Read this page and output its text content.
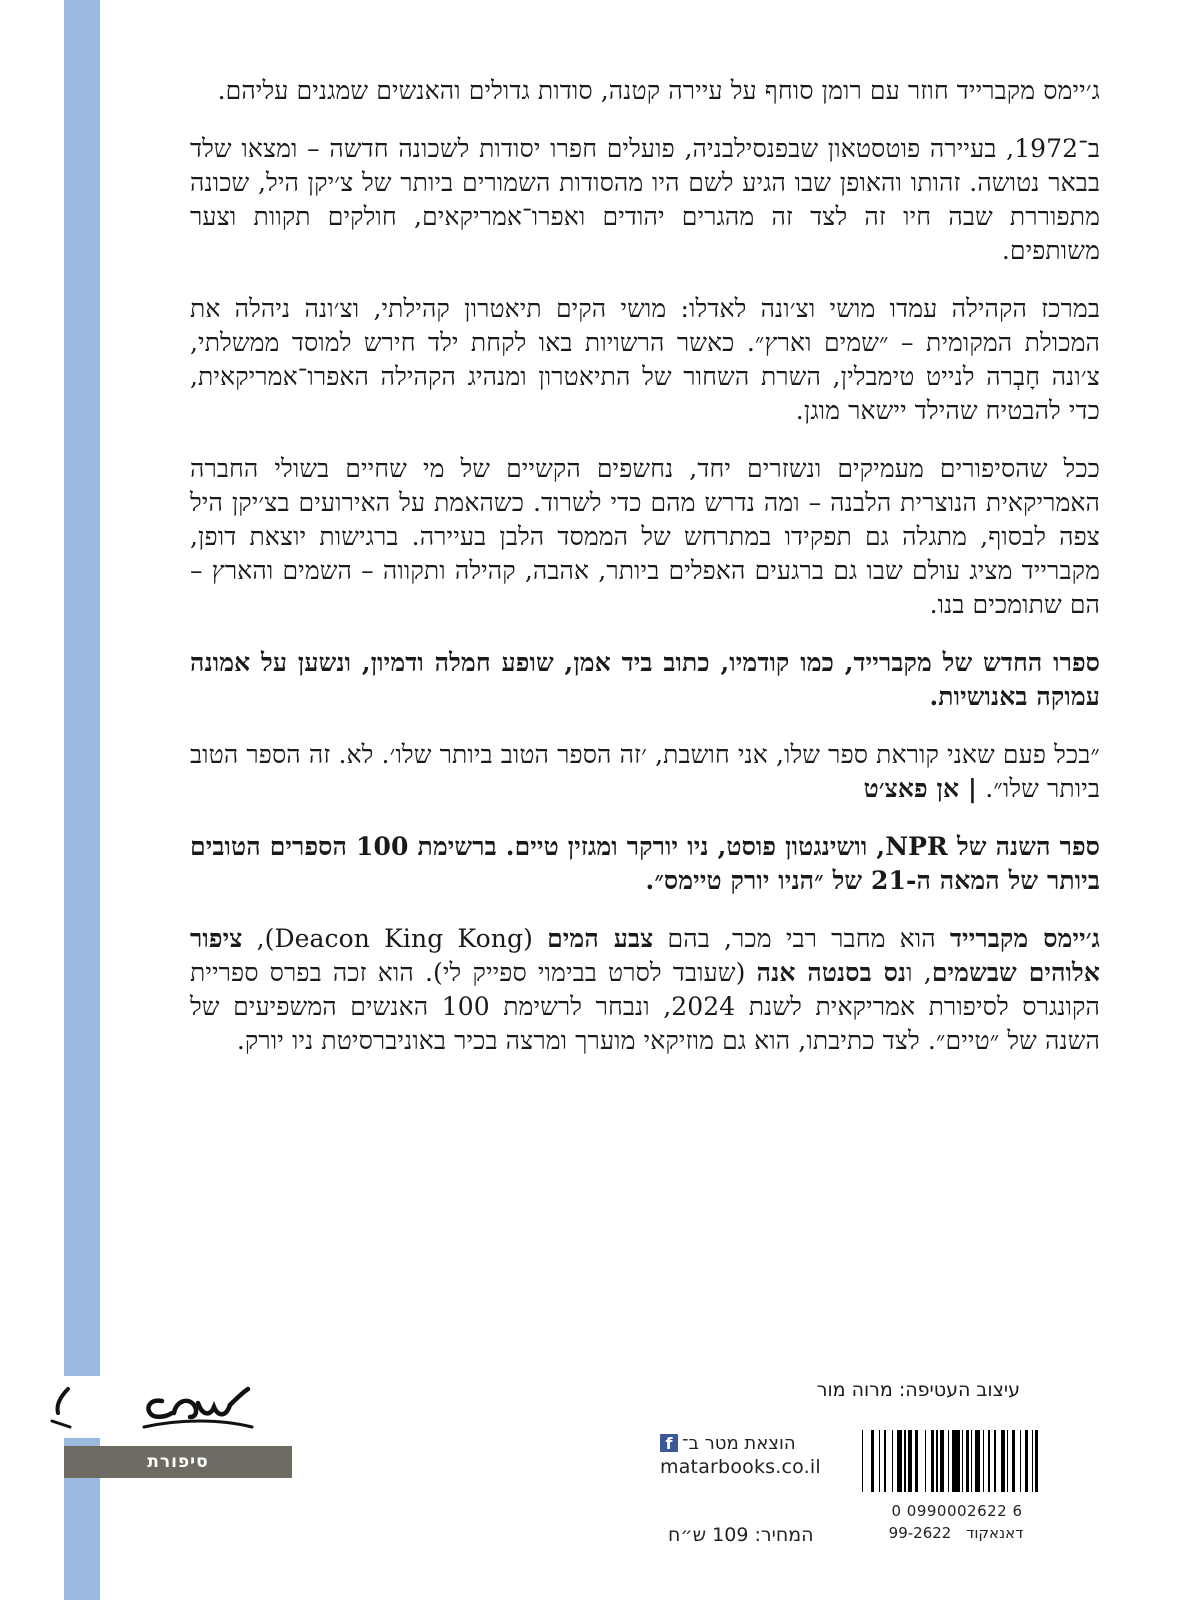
ג׳יימס מקברייד חוזר עם רומן סוחף על עיירה קטנה, סודות גדולים והאנשים שמגנים עליהם.

ב־1972, בעיירה פוטסטאון שבפנסילבניה, פועלים חפרו יסודות לשכונה חדשה – ומצאו שלד בבאר נטושה. זהותו והאופן שבו הגיע לשם היו מהסודות השמורים ביותר של צ׳יקן היל, שכונה מתפוררת שבה חיו זה לצד זה מהגרים יהודים ואפרו־אמריקאים, חולקים תקוות וצער משותפים.

במרכז הקהילה עמדו מושי וצ׳ונה לאדלו: מושי הקים תיאטרון קהילתי, וצ׳ונה ניהלה את המכולת המקומית – ״שמים וארץ״. כאשר הרשויות באו לקחת ילד חירש למוסד ממשלתי, צ׳ונה חָבְרה לנייט טימבלין, השרת השחור של התיאטרון ומנהיג הקהילה האפרו־אמריקאית, כדי להבטיח שהילד יישאר מוגן.

ככל שהסיפורים מעמיקים ונשזרים יחד, נחשפים הקשיים של מי שחיים בשולי החברה האמריקאית הנוצרית הלבנה – ומה נדרש מהם כדי לשרוד. כשהאמת על האירועים בצ׳יקן היל צפה לבסוף, מתגלה גם תפקידו במתרחש של הממסד הלבן בעיירה. ברגישות יוצאת דופן, מקברייד מציג עולם שבו גם ברגעים האפלים ביותר, אהבה, קהילה ותקווה – השמים והארץ – הם שתומכים בנו.

ספרו החדש של מקברייד, כמו קודמיו, כתוב ביד אמן, שופע חמלה ודמיון, ונשען על אמונה עמוקה באנושיות.

״בכל פעם שאני קוראת ספר שלו, אני חושבת, ׳זה הספר הטוב ביותר שלו׳. לא. זה הספר הטוב ביותר שלו״. | אן פאצ׳ט

ספר השנה של NPR, וושינגטון פוסט, ניו יורקר ומגזין טיים. ברשימת 100 הספרים הטובים ביותר של המאה ה-21 של ״הניו יורק טיימס״.

ג׳יימס מקברייד הוא מחבר רבי מכר, בהם צבע המים (Deacon King Kong), ציפור אלוהים שבשמים, ונס בסנטה אנה (שעובד לסרט בבימוי ספייק לי). הוא זכה בפרס ספריית הקונגרס לסיפורת אמריקאית לשנת 2024, ונבחר לרשימת 100 האנשים המשפיעים של השנה של ״טיים״. לצד כתיבתו, הוא גם מוזיקאי מוערך ומרצה בכיר באוניברסיטת ניו יורק.

סיפורת
עיצוב העטיפה: מרוה מור
הוצאת מטר ב־
f
matarbooks.co.il
המחיר: 109 ש״ח
0 0990002622 6
דאנאקוד 99-2622
